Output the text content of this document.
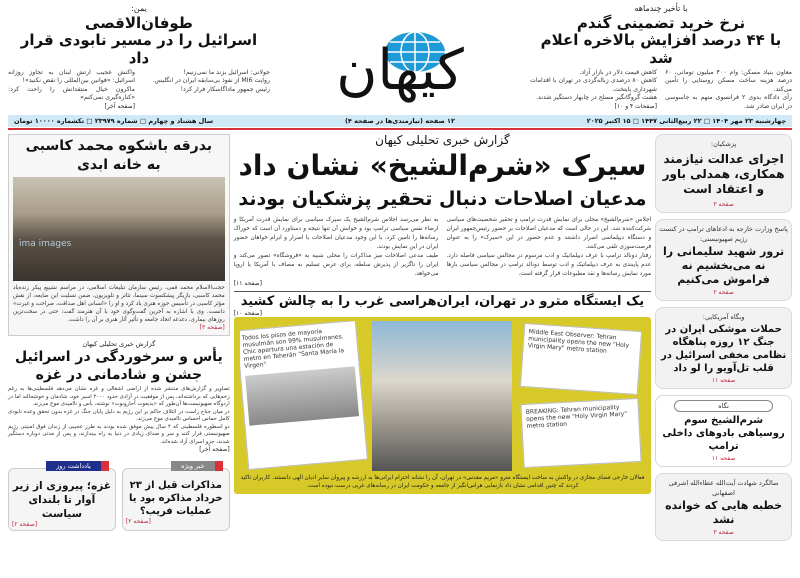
با تأخیر چندماهه
نرخ خرید تضمینی گندم
با ۴۴ درصد افزایش بالاخره اعلام شد
معاون بنیاد مسکن: وام ۴۰۰ میلیون تومانی، ۶۰ درصد هزینه ساخت مسکن روستایی را تأمین می‌کند.
رأی دادگاه بدوی ۲ فرانسوی متهم به جاسوسی در ایران صادر شد.
کاهش قیمت دلار در بازار آزاد.
کاهش ۸۰ درصدی زباله‌گردی در تهران با اقدامات شهرداری پایتخت.
هشت گروگانگیر مسلح در چابهار دستگیر شدند.
[صفحات ۴ و ۱۰]
کیهان
یمن:
طوفان‌الاقصی
اسرائیل را در مسیر نابودی قرار داد
جولانی: اسرائیل بزند ما نمی‌زنیم!
روایت MI6 از نفوذ بی‌سابقه ایران در انگلیس.
رئیس جمهور ماداگاسکار فرار کرد!
واکنش عجیب ارتش لبنان به تجاوز روزانه اسرائیل: «قوانین بین‌المللی را نقض نکنید»!
ماکرون خیال منتقدانش را راحت کرد: «کناره‌گیری نمی‌کنم»
[صفحه آخر]
چهارشنبه ۲۳ مهر ۱۴۰۴ □ ۲۲ ربیع‌الثانی ۱۴۴۷ □ ۱۵ اکتبر ۲۰۲۵
۱۲ صفحه (نیازمندی‌ها در صفحه ۴)
سال هشتاد و چهارم □ شماره ۲۳۹۷۹ □ تکشماره ۱۰۰۰۰ تومان
پزشکیان:
اجرای عدالت نیازمند همکاری، همدلی باور و اعتقاد است
صفحه ۳
پاسخ وزارت خارجه به ادعاهای ترامپ در کنست رژیم صهیونیستی:
ترور شهید سلیمانی را نه می‌بخشیم نه فراموش می‌کنیم
صفحه ۲
وبگاه آمریکایی:
حملات موشکی ایران در جنگ ۱۲ روزه پناهگاه نظامی مخفی اسرائیل در قلب تل‌آویو را لو داد
صفحه ۱۱
نگاه
شرم‌الشیخ سوم روسیاهی بادوهای داخلی ترامپ
صفحه ۱۱
سالگرد شهادت آیت‌الله عطاءالله اشرفی اصفهانی
خطبه هایی که خوانده نشد
صفحه ۳
گزارش خبری تحلیلی کیهان
سیرک «شرم‌الشیخ» نشان داد
مدعیان اصلاحات دنبال تحقیر پزشکیان بودند
اجلاس «شرم‌الشیخ» محلی برای نمایش قدرت ترامپ و تحقیر شخصیت‌های سیاسی شرکت‌کننده شد. این در حالی است که مدعیان اصلاحات بر حضور رئیس‌جمهور ایران و دستگاه دیپلماسی اصرار داشتند و عدم حضور در این «سیرک» را به عنوان فرصت‌سوزی تلقی می‌کنند.
رفتار دونالد ترامپ با عرف دیپلماتیک و ادب مرسوم در مجالس سیاسی فاصله دارد. عدم پایبندی به عرف دیپلماتیک و ادب توسط دونالد ترامپ در مجالس سیاسی بارها مورد نمایش رسانه‌ها و نقد مطبوعات قرار گرفته است.
به نظر می‌رسد اجلاس شرم‌الشیخ یک سیرک سیاسی برای نمایش قدرت آمریکا و ارضاء نفس سیاسی ترامپ بود و خوانش آن تنها نتیجه و دستاورد آن است که خوراک رسانه‌ها را تامین کرد. با این وجود مدعیان اصلاحات با اصرار و ابرام خواهان حضور ایران در این نمایش بودند.
طیف مدعی اصلاحات میز مذاکرات را محلی شبیه به «فروشگاه» تصور می‌کند و ایران را ناگزیر از پذیرش سلطه، برای عرض تسلیم به مصاف با آمریکا یا اروپا می‌خواهد.
[صفحه ۱۱]
یک ایستگاه مترو در تهران، ایران‌هراسی غرب را به چالش کشید
[صفحه ۱۰]
Todos los pisos de mayoría musulmán son 99% musulmanes. Chic apertura una estación de metro en Teherán "Santa María la Virgen"
Middle East Observer: Tehran municipality opens the new "Holy Virgin Mary" metro station
BREAKING: Tehran municipality opens the new "Holy Virgin Mary" metro station
فعالان خارجی فضای مجازی در واکنش به ساخت ایستگاه مترو «مریم مقدس» در تهران، آن را نشانه احترام ایرانی‌ها به ارزشه و پیروان سایر ادیان الهی دانستند. کاربران تاکید کردند که چنین اقدامی نشان داد بازنمایی هراس‌انگیز از جامعه و حکومت ایران در رسانه‌های غربی درست نبوده است.
بدرقه باشکوه محمد کاسبی
به خانه ابدی
ima images
حجت‌الاسلام محمد قمی، رئیس سازمان تبلیغات اسلامی، در مراسم تشییع پیکر زنده‌یاد محمد کاسبی، بازیگر پیشکسوت سینما، تئاتر و تلویزیون، ضمن تسلیت این ضایعه، از نقش مؤثر کاسبی در تأسیس حوزه هنری یاد کرد و او را «انسانی اهل صداقت، صراحت و غیرت» دانست. وی با اشاره به آخرین گفت‌وگوی خود با آن هنرمند گفت: حتی در سخت‌ترین روزهای بیماری، دغدغه اتحاد جامعه و تأثیر آثار هنری بر آن را داشت.
[صفحه ۳]
گزارش خبری تحلیلی کیهان
یأس و سرخوردگی در اسرائیل
جشن و شادمانی در غزه
تصاویر و گزارش‌های منتشر شده از اراضی اشغالی و غزه نشان می‌دهد فلسطینی‌ها به رغم زخم‌هایی که برداشته‌اند، پس از موفقیت در آزادی حدود ۲۰۰۰ اسیر خود، شادمان و خوشحالند اما در اردوگاه صهیونیست‌ها آن‌طور که «یدیعوت آحارونوت» نوشته، یأس و ناامیدی موج می‌زند.
در میان جناح راست در ائتلاف حاکم بر این رژیم به دلیل پایان جنگ در غزه بدون تحقق وعده نابودی کامل حماس احساس ناامیدی موج می‌زند.
دو اسطوره فلسطینی که ۴ سال پیش موفق شده بودند به طرز عجیبی از زندان فوق امنیتی رژیم صهیونیستی فرار کنند و سر و صدای زیادی در دنیا به راه بیندازند، و پس از مدتی دوباره دستگیر شدند، جزو اسرای آزاد شده‌اند.
[صفحه آخر]
خبر ویژه
مذاکرات قبل از ۲۳ خرداد مذاکره بود یا عملیات فریب؟
[صفحه ۲]
یادداشت روز
غزه؛ پیروزی از زیر آوار تا بلندای سیاست
[صفحه ۲]
